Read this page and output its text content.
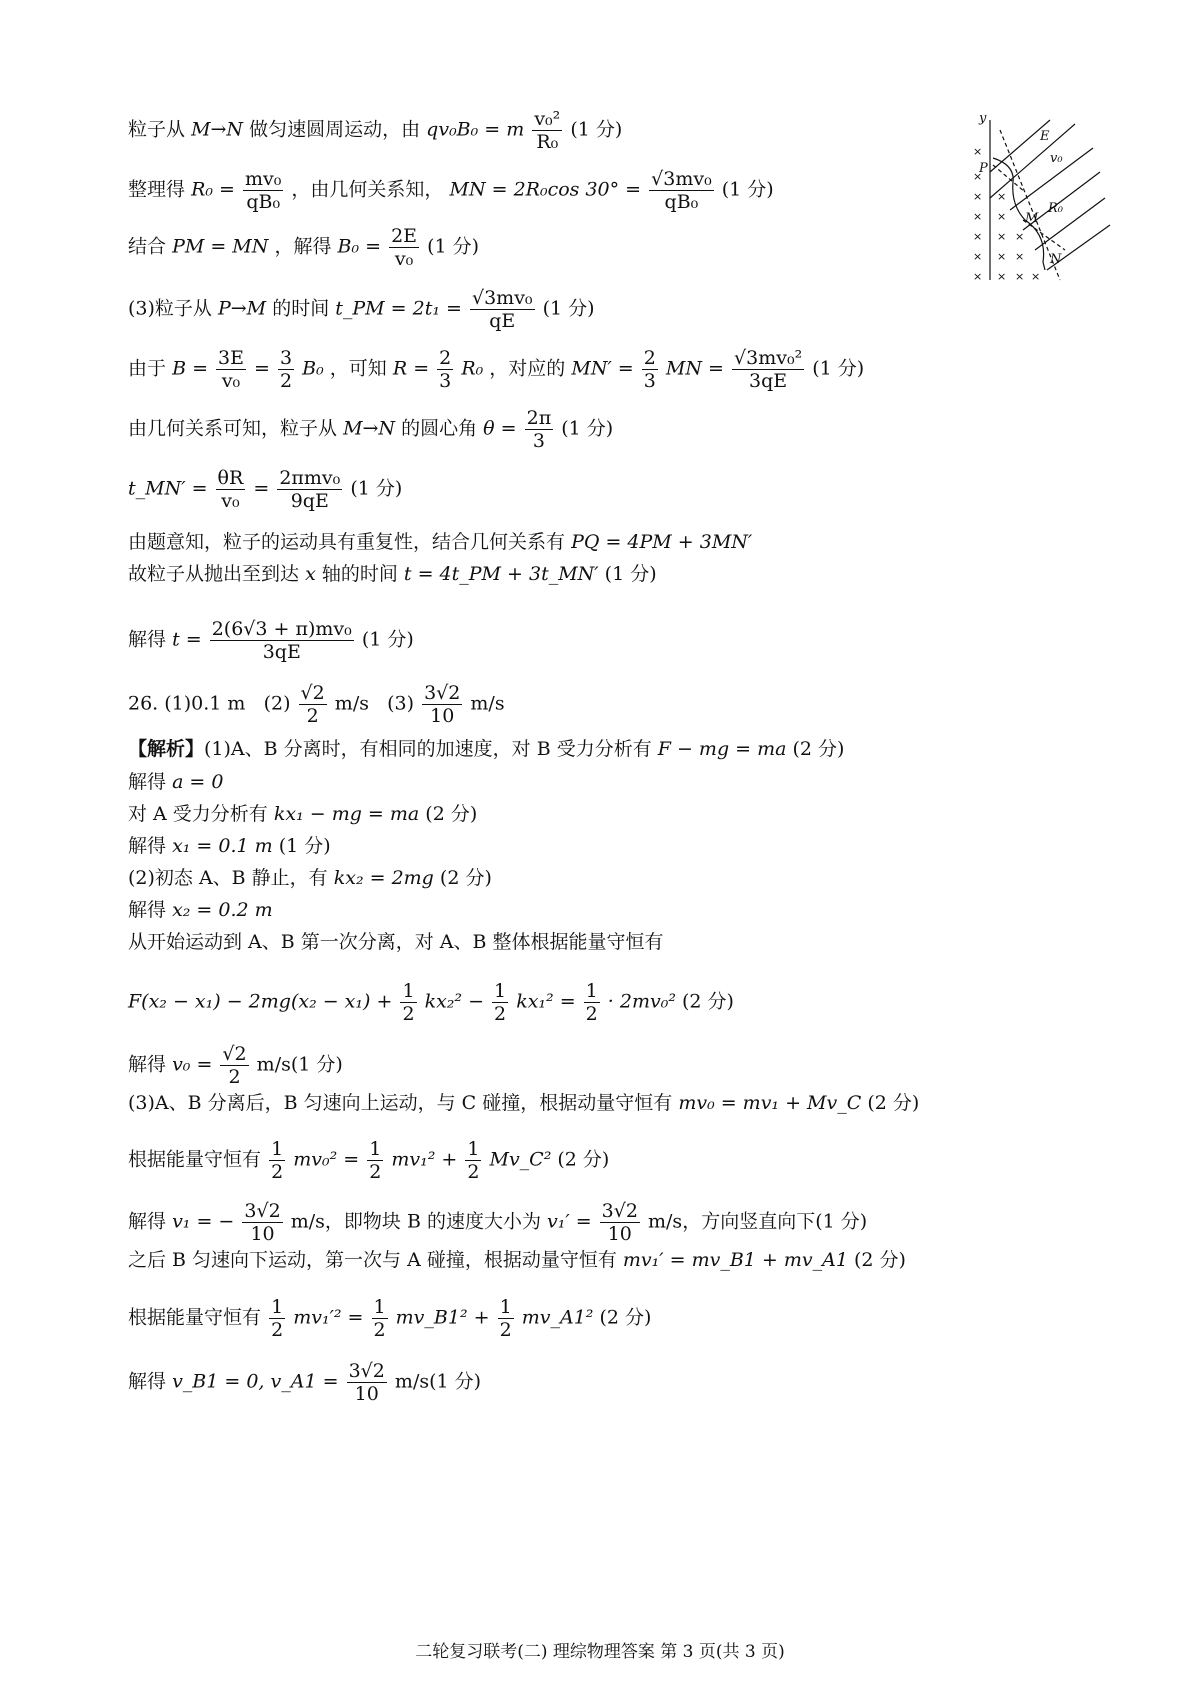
粒子从 M→N 做匀速圆周运动，由 qv₀B₀ = m $\frac{\text{v₀²}}{\text{R₀}} (1$ 分)
整理得 $R_0 = \frac{\text{mv₀}}{\text{qB₀}}$ ，由几何关系知， MN = 2R₀cos $30^\circ = \frac{\text{√3mv₀}}{\text{qB₀}} (1$ 分)
结合 PM = MN ，解得 $B_0 = \frac{2E}{\text{v₀}} (1$ 分)
(3)粒子从 P→M 的时间 t_PM = $2t_1 = \frac{\text{√3mv₀}}{qE} (1$ 分)
由于 $B = \frac{3E}{\text{v₀}} = \frac{3}{2} B_0$ ，可知 $R = \frac{2}{3} R_0$ ，对应的 $MN' = \frac{2}{3}$ MN = $\frac{\text{√3mv₀²}}{3qE} (1$ 分)
由几何关系可知，粒子从 M→N 的圆心角 $\theta = \frac{2\pi}{3} (1$ 分)
t_MN′ = $\frac{\theta R}{\text{v₀}} = \frac{\text{2πmv₀}}{9qE} (1$ 分)
由题意知，粒子的运动具有重复性，结合几何关系有 PQ = 4PM + 3MN′
故粒子从抛出至到达 x 轴的时间 t = 4t_PM + 3t_MN′ (1 分)
解得 $t = \frac{\text{2(6√3 + π)mv₀}}{3qE} (1$ 分)
26. (1)0.1 m $(2) \frac{√2}{2} m/s$ $(3) \frac{3√2}{10} m/s$
【解析】(1)A、B 分离时，有相同的加速度，对 B 受力分析有 F − mg = ma (2 分)
解得 a = 0
对 A 受力分析有 kx₁ − mg = ma (2 分)
解得 x₁ = 0.1 m (1 分)
(2)初态 A、B 静止，有 kx₂ = 2mg (2 分)
解得 x₂ = 0.2 m
从开始运动到 A、B 第一次分离，对 A、B 整体根据能量守恒有
$F(x_2 - x_1) - 2mg(x_2 - x_1) + \frac{1}{2} kx_2^2 - \frac{1}{2} kx_1^2 = \frac{1}{2} \cdot 2mv_0^2$ (2 分)
解得 $v_0 = \frac{√2}{2} m/s(1$ 分)
(3)A、B 分离后，B 匀速向上运动，与 C 碰撞，根据动量守恒有 mv₀ = mv₁ + Mv_C (2 分)
根据能量守恒有 $\frac{1}{2} mv_0^2 = \frac{1}{2} mv_1^2 + \frac{1}{2}$ Mv_C² (2 分)
解得 v₁ = − $\frac{3√2}{10} m/s$，即物块 B 的速度大小为 $v_1' = \frac{3√2}{10} m/s$，方向竖直向下(1 分)
之后 B 匀速向下运动，第一次与 A 碰撞，根据动量守恒有 mv₁′ = mv_B1 + mv_A1 (2 分)
根据能量守恒有 $\frac{1}{2} mv_1'^2 = \frac{1}{2}$ mv_B1² + $\frac{1}{2}$ mv_A1² (2 分)
解得 v_B1 = 0, v_A1 = $\frac{3√2}{10} m/s(1$ 分)
y
E
v₀
P
M
R₀
N
×
×
×
×
×
×
×
×
×
×
×
×
×
×
× ×
二轮复习联考(二) 理综物理答案 第 3 页(共 3 页)
